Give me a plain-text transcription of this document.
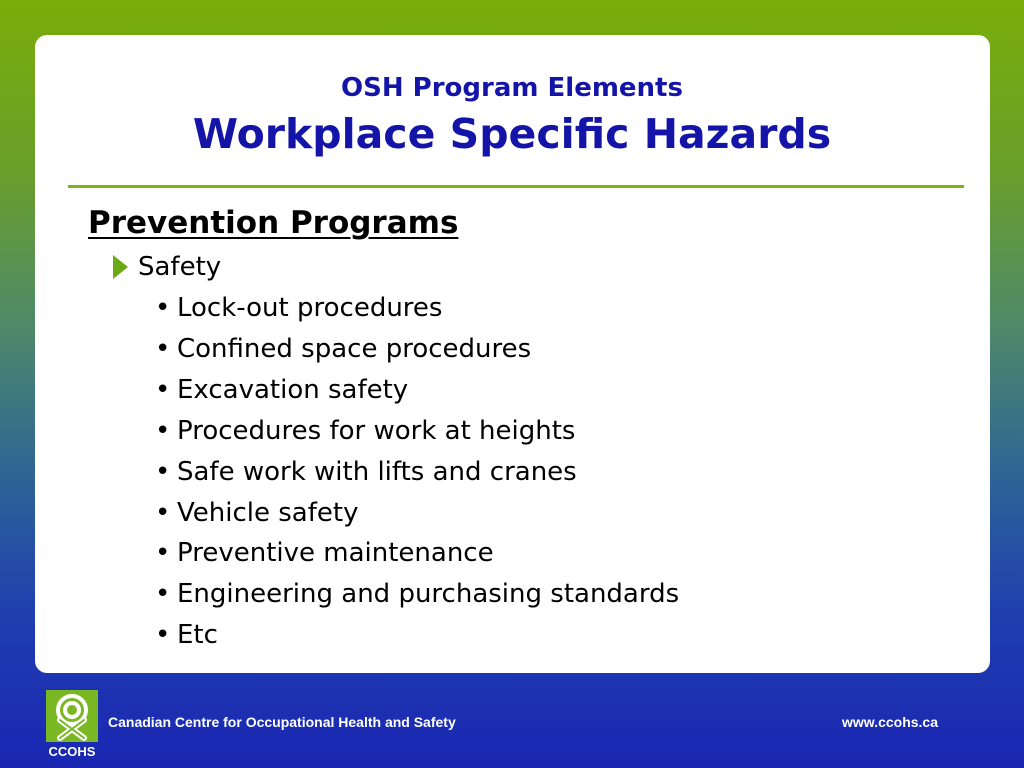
OSH Program Elements
Workplace Specific Hazards
Prevention Programs
Safety
• Lock-out procedures
• Confined space procedures
• Excavation safety
• Procedures for work at heights
• Safe work with lifts and cranes
• Vehicle safety
• Preventive maintenance
• Engineering and purchasing standards
• Etc
CCOHS
Canadian Centre for Occupational Health and Safety	www.ccohs.ca
